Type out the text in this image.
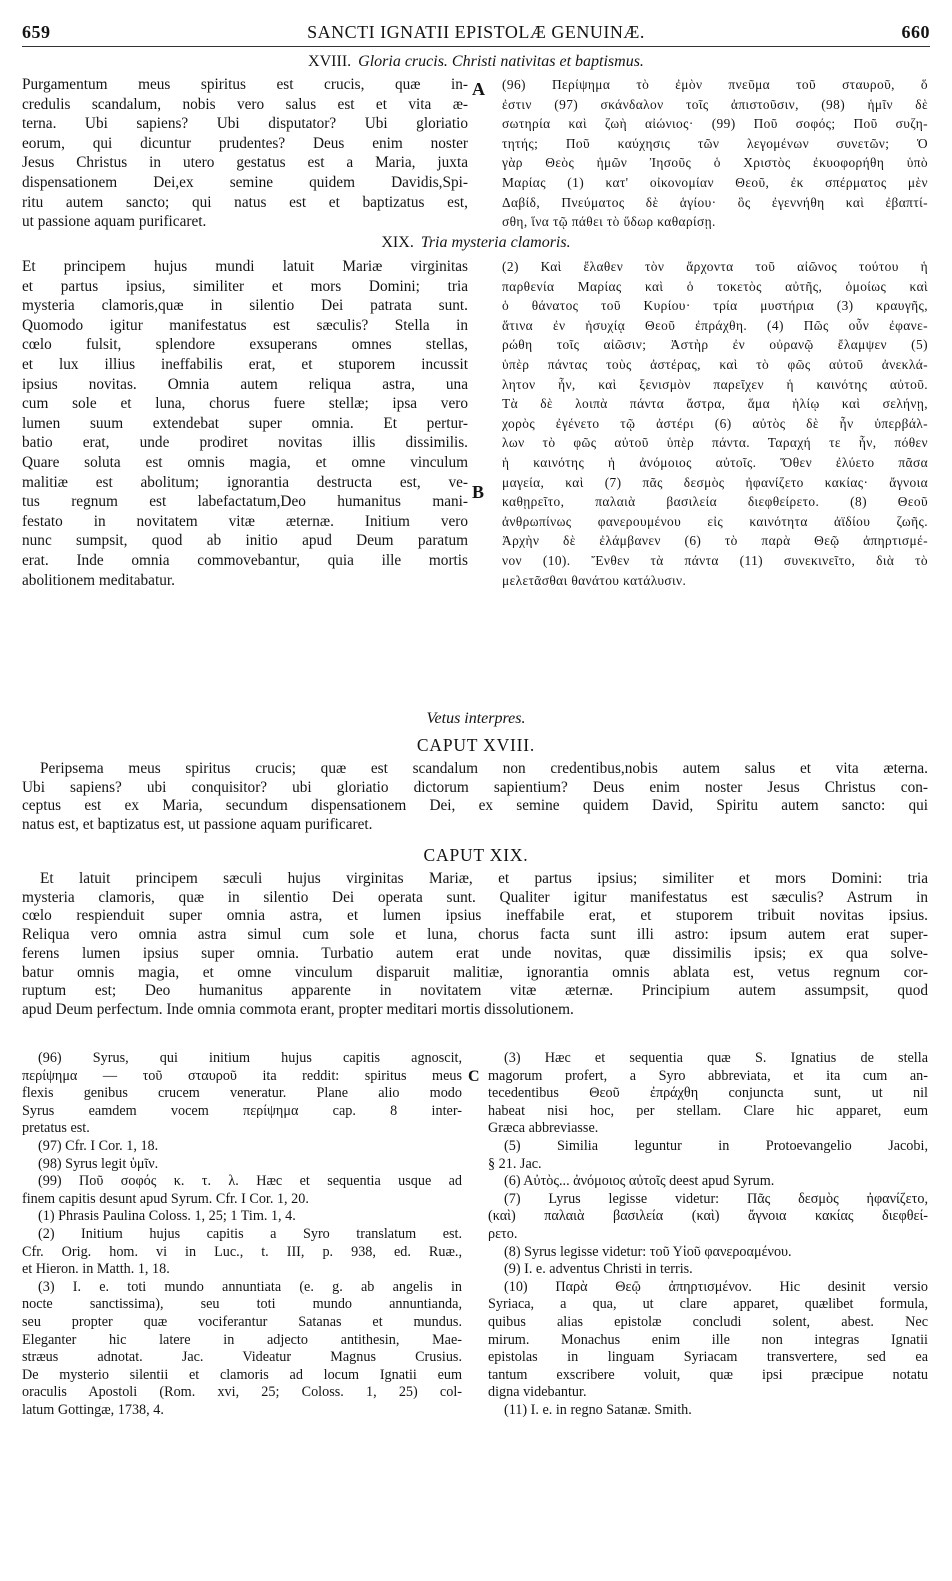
659	SANCTI IGNATII EPISTOLÆ GENUINÆ.	660
XVIII. Gloria crucis. Christi nativitas et baptismus.
Purgamentum meus spiritus est crucis, quæ in-
credulis scandalum, nobis vero salus est et vita æ-
terna. Ubi sapiens? Ubi disputator? Ubi gloriatio
eorum, qui dicuntur prudentes? Deus enim noster
Jesus Christus in utero gestatus est a Maria, juxta
dispensationem Dei,ex semine quidem Davidis,Spi-
ritu autem sancto; qui natus est et baptizatus est,
ut passione aquam purificaret.
A (96) Περίψημα τὸ ἐμὸν πνεῦμα τοῦ σταυροῦ, ὅ
ἐστιν (97) σκάνδαλον τοῖς ἀπιστοῦσιν, (98) ἡμῖν δὲ
σωτηρία καὶ ζωὴ αἰώνιος· (99) Ποῦ σοφός; Ποῦ συζη-
τητής; Ποῦ καύχησις τῶν λεγομένων συνετῶν; Ὁ
γὰρ Θεὸς ἡμῶν Ἰησοῦς ὁ Χριστὸς ἐκυοφορήθη ὑπὸ
Μαρίας (1) κατ' οἰκονομίαν Θεοῦ, ἐκ σπέρματος μὲν
Δαβίδ, Πνεύματος δὲ ἁγίου· ὃς ἐγεννήθη καὶ ἐβαπτί-
σθη, ἵνα τῷ πάθει τὸ ὕδωρ καθαρίσῃ.
XIX. Tria mysteria clamoris.
Et principem hujus mundi latuit Mariæ virginitas
et partus ipsius, similiter et mors Domini; tria
mysteria clamoris,quæ in silentio Dei patrata sunt.
Quomodo igitur manifestatus est sæculis? Stella in
cœlo fulsit, splendore exsuperans omnes stellas,
et lux illius ineffabilis erat, et stuporem incussit
ipsius novitas. Omnia autem reliqua astra, una
cum sole et luna, chorus fuere stellæ; ipsa vero
lumen suum extendebat super omnia. Et pertur-
batio erat, unde prodiret novitas illis dissimilis.
Quare soluta est omnis magia, et omne vinculum
malitiæ est abolitum; ignorantia destructa est, ve-
tus regnum est labefactatum,Deo humanitus mani-
festato in novitatem vitæ æternæ. Initium vero
nunc sumpsit, quod ab initio apud Deum paratum
erat. Inde omnia commovebantur, quia ille mortis
abolitionem meditabatur.
B
(2) Καὶ ἔλαθεν τὸν ἄρχοντα τοῦ αἰῶνος τούτου ἡ
παρθενία Μαρίας καὶ ὁ τοκετὸς αὐτῆς, ὁμοίως καὶ
ὁ θάνατος τοῦ Κυρίου· τρία μυστήρια (3) κραυγῆς,
ἅτινα ἐν ἡσυχίᾳ Θεοῦ ἐπράχθη. (4) Πῶς οὖν ἐφανε-
ρώθη τοῖς αἰῶσιν; Ἀστὴρ ἐν οὐρανῷ ἔλαμψεν (5)
ὑπὲρ πάντας τοὺς ἀστέρας, καὶ τὸ φῶς αὐτοῦ ἀνεκλά-
λητον ἦν, καὶ ξενισμὸν παρεῖχεν ἡ καινότης αὐτοῦ.
Τὰ δὲ λοιπὰ πάντα ἄστρα, ἅμα ἡλίῳ καὶ σελήνῃ,
χορὸς ἐγένετο τῷ ἀστέρι (6) αὐτὸς δὲ ἦν ὑπερβάλ-
λων τὸ φῶς αὐτοῦ ὑπὲρ πάντα. Ταραχή τε ἦν, πόθεν
ἡ καινότης ἡ ἀνόμοιος αὐτοῖς. Ὅθεν ἐλύετο πᾶσα
μαγεία, καὶ (7) πᾶς δεσμὸς ἠφανίζετο κακίας· ἄγνοια
καθῃρεῖτο, παλαιὰ βασιλεία διεφθείρετο. (8) Θεοῦ
ἀνθρωπίνως φανερουμένου εἰς καινότητα ἀϊδίου ζωῆς.
Ἀρχὴν δὲ ἐλάμβανεν (6) τὸ παρὰ Θεῷ ἀπηρτισμέ-
νον (10). Ἔνθεν τὰ πάντα (11) συνεκινεῖτο, διὰ τὸ
μελετᾶσθαι θανάτου κατάλυσιν.
Vetus interpres.
CAPUT XVIII.
Peripsema meus spiritus crucis; quæ est scandalum non credentibus,nobis autem salus et vita æterna.
Ubi sapiens? ubi conquisitor? ubi gloriatio dictorum sapientium? Deus enim noster Jesus Christus con-
ceptus est ex Maria, secundum dispensationem Dei, ex semine quidem David, Spiritu autem sancto: qui
natus est, et baptizatus est, ut passione aquam purificaret.
CAPUT XIX.
Et latuit principem sæculi hujus virginitas Mariæ, et partus ipsius; similiter et mors Domini: tria
mysteria clamoris, quæ in silentio Dei operata sunt. Qualiter igitur manifestatus est sæculis? Astrum in
cœlo respienduit super omnia astra, et lumen ipsius ineffabile erat, et stuporem tribuit novitas ipsius.
Reliqua vero omnia astra simul cum sole et luna, chorus facta sunt illi astro: ipsum autem erat super-
ferens lumen ipsius super omnia. Turbatio autem erat unde novitas, quæ dissimilis ipsis; ex qua solve-
batur omnis magia, et omne vinculum disparuit malitiæ, ignorantia omnis ablata est, vetus regnum cor-
ruptum est; Deo humanitus apparente in novitatem vitæ æternæ. Principium autem assumpsit, quod
apud Deum perfectum. Inde omnia commota erant, propter meditari mortis dissolutionem.
(96) Syrus, qui initium hujus capitis agnoscit,
περίψημα — τοῦ σταυροῦ ita reddit: spiritus meus
flexis genibus crucem veneratur. Plane alio modo
Syrus eamdem vocem περίψημα cap. 8 inter-
pretatus est.
(97) Cfr. I Cor. 1, 18.
(98) Syrus legit ὑμῖν.
(99) Ποῦ σοφός κ. τ. λ. Hæc et sequentia usque ad
finem capitis desunt apud Syrum. Cfr. I Cor. 1, 20.
(1) Phrasis Paulina Coloss. 1, 25; 1 Tim. 1, 4.
(2) Initium hujus capitis a Syro translatum est.
Cfr. Orig. hom. vi in Luc., t. III, p. 938, ed. Ruæ.,
et Hieron. in Matth. 1, 18.
(3) I. e. toti mundo annuntiata (e. g. ab angelis in
nocte sanctissima), seu toti mundo annuntianda,
seu propter quæ vociferantur Satanas et mundus.
Eleganter hic latere in adjecto antithesin, Mae-
stræus adnotat. Jac. Videatur Magnus Crusius.
De mysterio silentii et clamoris ad locum Ignatii eum
oraculis Apostoli (Rom. xvi, 25; Coloss. 1, 25) col-
latum Gottingæ, 1738, 4.
C
(3) Hæc et sequentia quæ S. Ignatius de stella
magorum profert, a Syro abbreviata, et ita cum an-
tecedentibus Θεοῦ ἐπράχθη conjuncta sunt, ut nil
habeat nisi hoc, per stellam. Clare hic apparet, eum
Græca abbreviasse.
(5) Similia leguntur in Protoevangelio Jacobi,
§ 21. Jac.
(6) Αὐτὸς... ἀνόμοιος αὐτοῖς deest apud Syrum.
(7) Lyrus legisse videtur: Πᾶς δεσμὸς ἠφανίζετο,
(καὶ) παλαιὰ βασιλεία (καὶ) ἄγνοια κακίας διεφθεί-
ρετο.
(8) Syrus legisse videtur: τοῦ Υἱοῦ φανεροαμένου.
(9) I. e. adventus Christi in terris.
(10) Παρὰ Θεῷ ἀπηρτισμένον. Hic desinit versio
Syriaca, a qua, ut clare apparet, quælibet formula,
quibus alias epistolæ concludi solent, abest. Nec
mirum. Monachus enim ille non integras Ignatii
epistolas in linguam Syriacam transvertere, sed ea
tantum exscribere voluit, quæ ipsi præcipue notatu
digna videbantur.
(11) I. e. in regno Satanæ. Smith.
